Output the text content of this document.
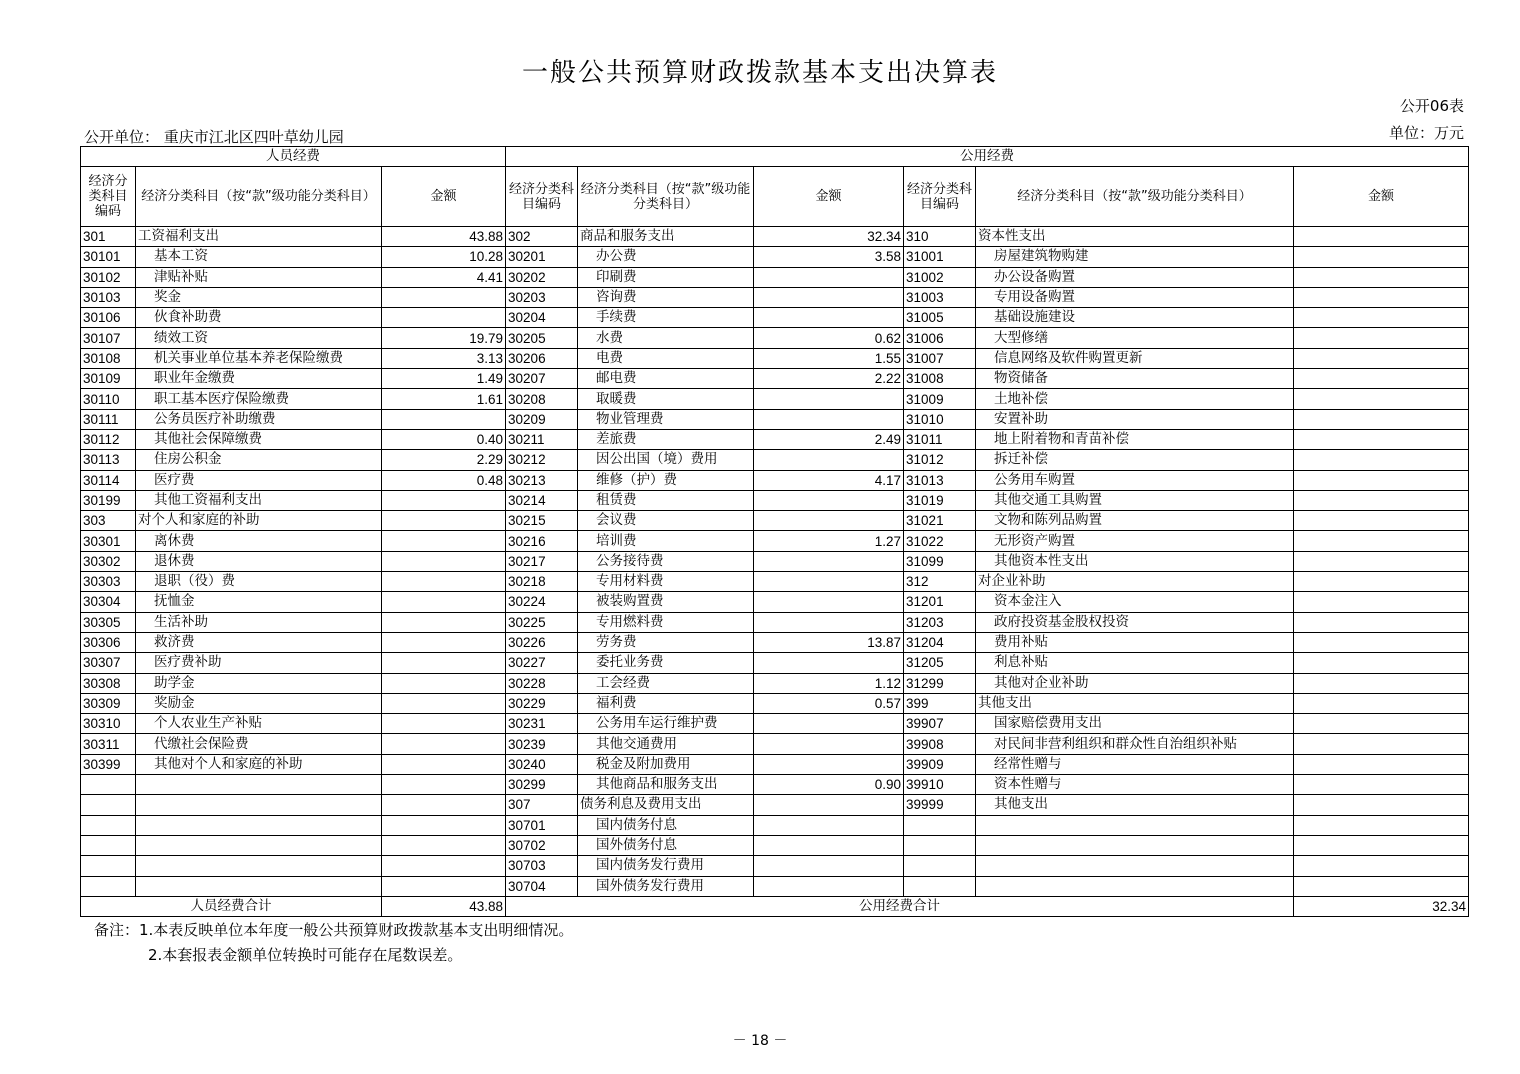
一般公共预算财政拨款基本支出决算表
公开06表
公开单位： 重庆市江北区四叶草幼儿园	单位：万元
人员经费			公用经费					
经济分类科目编码	经济分类科目（按“款”级功能分类科目）	金额	经济分类科目编码	经济分类科目（按“款”级功能分类科目）	金额	经济分类科目编码	经济分类科目（按“款”级功能分类科目）	金额
301	工资福利支出	43.88	302	商品和服务支出	32.34	310	资本性支出	
30101	基本工资	10.28	30201	办公费	3.58	31001	房屋建筑物购建	
30102	津贴补贴	4.41	30202	印刷费		31002	办公设备购置	
30103	奖金		30203	咨询费		31003	专用设备购置	
30106	伙食补助费		30204	手续费		31005	基础设施建设	
30107	绩效工资	19.79	30205	水费	0.62	31006	大型修缮	
30108	机关事业单位基本养老保险缴费	3.13	30206	电费	1.55	31007	信息网络及软件购置更新	
30109	职业年金缴费	1.49	30207	邮电费	2.22	31008	物资储备	
30110	职工基本医疗保险缴费	1.61	30208	取暖费		31009	土地补偿	
30111	公务员医疗补助缴费		30209	物业管理费		31010	安置补助	
30112	其他社会保障缴费	0.40	30211	差旅费	2.49	31011	地上附着物和青苗补偿	
30113	住房公积金	2.29	30212	因公出国（境）费用		31012	拆迁补偿	
30114	医疗费	0.48	30213	维修（护）费	4.17	31013	公务用车购置	
30199	其他工资福利支出		30214	租赁费		31019	其他交通工具购置	
303	对个人和家庭的补助		30215	会议费		31021	文物和陈列品购置	
30301	离休费		30216	培训费	1.27	31022	无形资产购置	
30302	退休费		30217	公务接待费		31099	其他资本性支出	
30303	退职（役）费		30218	专用材料费		312	对企业补助	
30304	抚恤金		30224	被装购置费		31201	资本金注入	
30305	生活补助		30225	专用燃料费		31203	政府投资基金股权投资	
30306	救济费		30226	劳务费	13.87	31204	费用补贴	
30307	医疗费补助		30227	委托业务费		31205	利息补贴	
30308	助学金		30228	工会经费	1.12	31299	其他对企业补助	
30309	奖励金		30229	福利费	0.57	399	其他支出	
30310	个人农业生产补贴		30231	公务用车运行维护费		39907	国家赔偿费用支出	
30311	代缴社会保险费		30239	其他交通费用		39908	对民间非营利组织和群众性自治组织补贴	
30399	其他对个人和家庭的补助		30240	税金及附加费用		39909	经常性赠与	
			30299	其他商品和服务支出	0.90	39910	资本性赠与	
			307	债务利息及费用支出		39999	其他支出	
			30701	国内债务付息				
			30702	国外债务付息				
			30703	国内债务发行费用				
			30704	国外债务发行费用				
人员经费合计		43.88	公用经费合计					32.34
备注：1.本表反映单位本年度一般公共预算财政拨款基本支出明细情况。
2.本套报表金额单位转换时可能存在尾数误差。
－ 18 －
